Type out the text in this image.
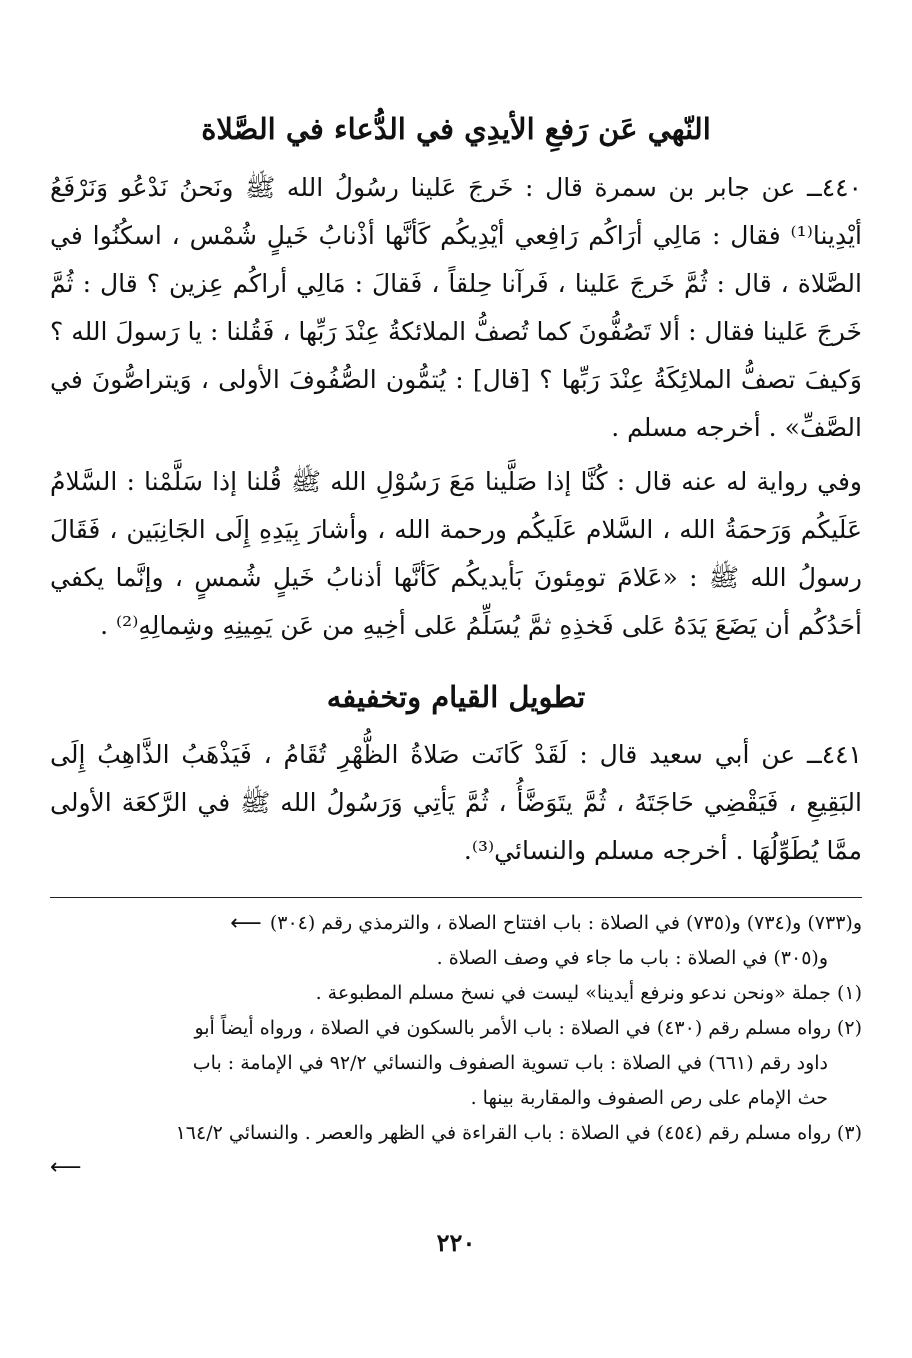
النّهي عَن رَفعِ الأيدِي في الدُّعاء في الصَّلاة

٤٤٠ــ عن جابر بن سمرة قال : خَرجَ عَلينا رسُولُ الله ﷺ ونَحنُ نَدْعُو وَنَرْفَعُ أيْدِينا⁽¹⁾ فقال : مَالِي أرَاكُم رَافِعي أيْدِيكُم كَأنَّها أذْنابُ خَيلٍ شُمْس ، اسكُنُوا في الصَّلاة ، قال : ثُمَّ خَرجَ عَلينا ، فَرآنا حِلقاً ، فَقالَ : مَالِي أراكُم عِزين ؟ قال : ثُمَّ خَرجَ عَلينا فقال : ألا تَصُفُّونَ كما تُصفُّ الملائكةُ عِنْدَ رَبِّها ، فَقُلنا : يا رَسولَ الله ؟ وَكيفَ تصفُّ الملائِكَةُ عِنْدَ رَبِّها ؟ [قال] : يُتمُّون الصُّفُوفَ الأولى ، وَيتراصُّونَ في الصَّفِّ» . أخرجه مسلم .

وفي رواية له عنه قال : كُنَّا إذا صَلَّينا مَعَ رَسُوْلِ الله ﷺ قُلنا إذا سَلَّمْنا : السَّلامُ عَلَيكُم وَرَحمَةُ الله ، السَّلام عَلَيكُم ورحمة الله ، وأشارَ بِيَدِهِ إِلَى الجَانِبَين ، فَقَالَ رسولُ الله ﷺ : «عَلامَ تومِئونَ بَأيديكُم كَأنَّها أذنابُ خَيلٍ شُمسٍ ، وإنَّما يكفي أحَدُكُم أن يَضَعَ يَدَهُ عَلى فَخذِهِ ثمَّ يُسَلِّمُ عَلى أخِيهِ من عَن يَمِينِهِ وشِمالِهِ⁽²⁾ .

تطويل القيام وتخفيفه

٤٤١ــ عن أبي سعيد قال : لَقَدْ كَانَت صَلاةُ الظُّهْرِ تُقَامُ ، فَيَذْهَبُ الذَّاهِبُ إِلَى البَقِيعِ ، فَيَقْضِي حَاجَتَهُ ، ثُمَّ يتَوَضَّأُ ، ثُمَّ يَأتِي وَرَسُولُ الله ﷺ في الرَّكعَة الأولى ممَّا يُطَوِّلُهَا . أخرجه مسلم والنسائي⁽³⁾.

و(٧٣٣) و(٧٣٤) و(٧٣٥) في الصلاة : باب افتتاح الصلاة ، والترمذي رقم (٣٠٤)
⟵
و(٣٠٥) في الصلاة : باب ما جاء في وصف الصلاة .
(١) جملة «ونحن ندعو ونرفع أيدينا» ليست في نسخ مسلم المطبوعة .
(٢) رواه مسلم رقم (٤٣٠) في الصلاة : باب الأمر بالسكون في الصلاة ، ورواه أيضاً أبو
داود رقم (٦٦١) في الصلاة : باب تسوية الصفوف والنسائي ٩٢/٢ في الإمامة : باب
حث الإمام على رص الصفوف والمقاربة بينها .
(٣) رواه مسلم رقم (٤٥٤) في الصلاة : باب القراءة في الظهر والعصر . والنسائي ١٦٤/٢
⟵
٢٢٠
